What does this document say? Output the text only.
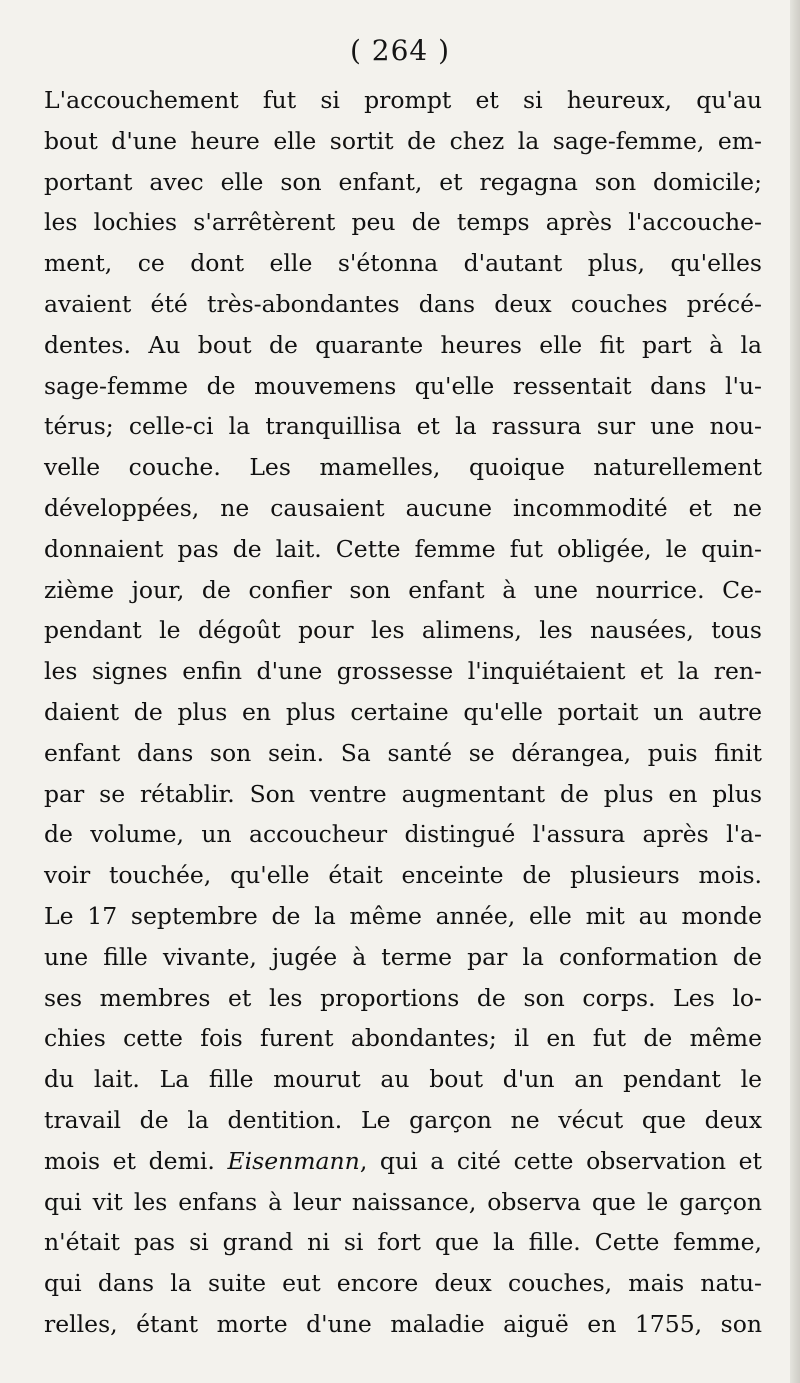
( 264 )
L'accouchement fut si prompt et si heureux, qu'au
bout d'une heure elle sortit de chez la sage-femme, em-
portant avec elle son enfant, et regagna son domicile;
les lochies s'arrêtèrent peu de temps après l'accouche-
ment, ce dont elle s'étonna d'autant plus, qu'elles
avaient été très-abondantes dans deux couches précé-
dentes. Au bout de quarante heures elle fit part à la
sage-femme de mouvemens qu'elle ressentait dans l'u-
térus; celle-ci la tranquillisa et la rassura sur une nou-
velle couche. Les mamelles, quoique naturellement
développées, ne causaient aucune incommodité et ne
donnaient pas de lait. Cette femme fut obligée, le quin-
zième jour, de confier son enfant à une nourrice. Ce-
pendant le dégoût pour les alimens, les nausées, tous
les signes enfin d'une grossesse l'inquiétaient et la ren-
daient de plus en plus certaine qu'elle portait un autre
enfant dans son sein. Sa santé se dérangea, puis finit
par se rétablir. Son ventre augmentant de plus en plus
de volume, un accoucheur distingué l'assura après l'a-
voir touchée, qu'elle était enceinte de plusieurs mois.
Le 17 septembre de la même année, elle mit au monde
une fille vivante, jugée à terme par la conformation de
ses membres et les proportions de son corps. Les lo-
chies cette fois furent abondantes; il en fut de même
du lait. La fille mourut au bout d'un an pendant le
travail de la dentition. Le garçon ne vécut que deux
mois et demi. Eisenmann, qui a cité cette observation et
qui vit les enfans à leur naissance, observa que le garçon
n'était pas si grand ni si fort que la fille. Cette femme,
qui dans la suite eut encore deux couches, mais natu-
relles, étant morte d'une maladie aiguë en 1755, son
